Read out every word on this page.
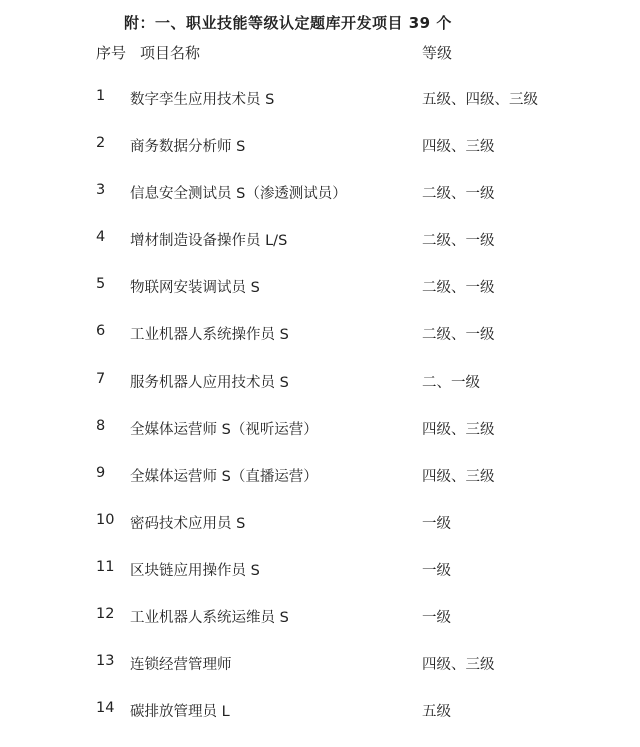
附：一、职业技能等级认定题库开发项目 39 个
序号 项目名称	等级
1 数字孪生应用技术员 S	五级、四级、三级
2 商务数据分析师 S	四级、三级
3 信息安全测试员 S（渗透测试员）	二级、一级
4 增材制造设备操作员 L/S	二级、一级
5 物联网安装调试员 S	二级、一级
6 工业机器人系统操作员 S	二级、一级
7 服务机器人应用技术员 S	二、一级
8 全媒体运营师 S（视听运营）	四级、三级
9 全媒体运营师 S（直播运营）	四级、三级
10 密码技术应用员 S	一级
11 区块链应用操作员 S	一级
12 工业机器人系统运维员 S	一级
13 连锁经营管理师	四级、三级
14 碳排放管理员 L	五级
